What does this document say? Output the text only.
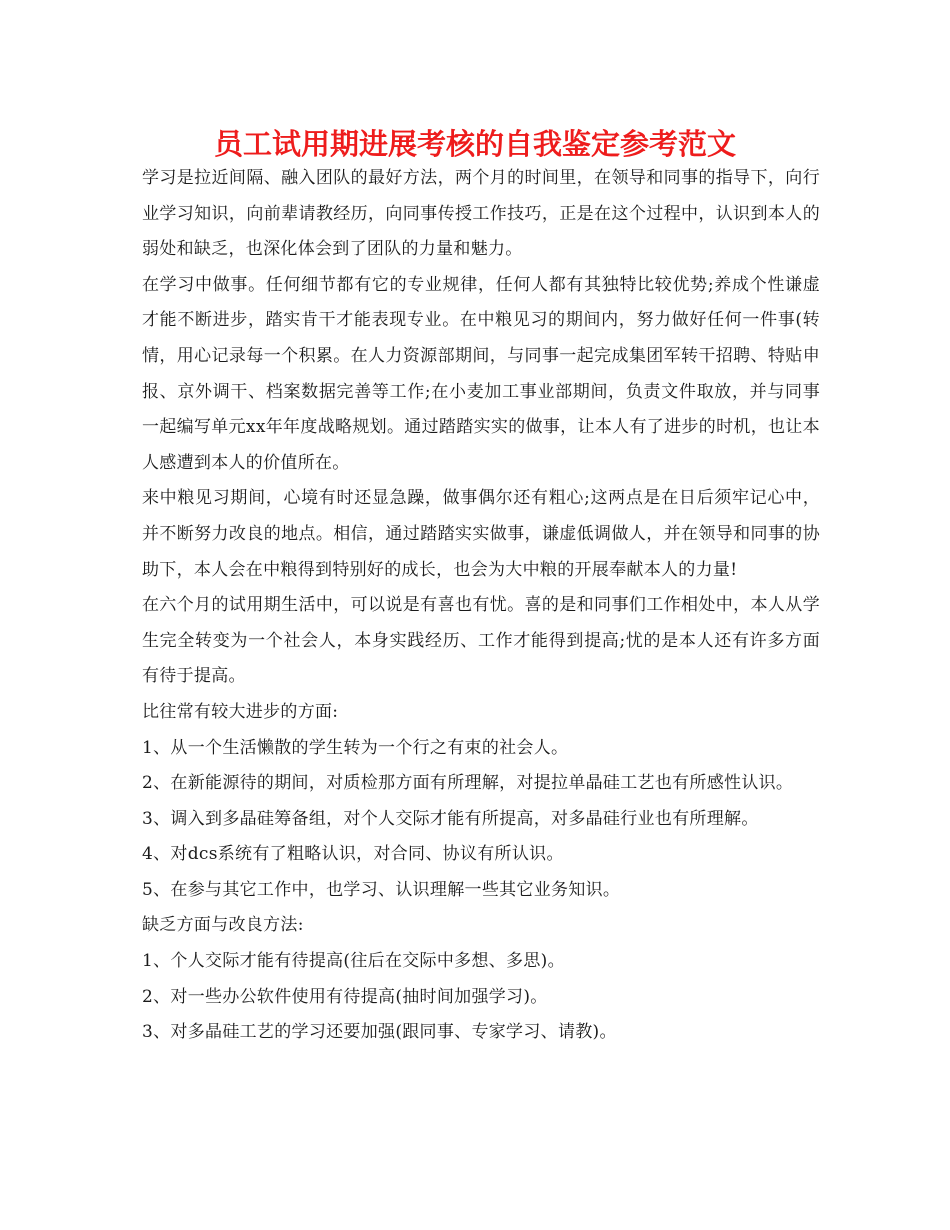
员工试用期进展考核的自我鉴定参考范文

学习是拉近间隔、融入团队的最好方法，两个月的时间里，在领导和同事的指导下，向行业学习知识，向前辈请教经历，向同事传授工作技巧，正是在这个过程中，认识到本人的弱处和缺乏，也深化体会到了团队的力量和魅力。

在学习中做事。任何细节都有它的专业规律，任何人都有其独特比较优势;养成个性谦虚才能不断进步，踏实肯干才能表现专业。在中粮见习的期间内，努力做好任何一件事(转情，用心记录每一个积累。在人力资源部期间，与同事一起完成集团军转干招聘、特贴申报、京外调干、档案数据完善等工作;在小麦加工事业部期间，负责文件取放，并与同事一起编写单元xx年年度战略规划。通过踏踏实实的做事，让本人有了进步的时机，也让本人感遭到本人的价值所在。

来中粮见习期间，心境有时还显急躁，做事偶尔还有粗心;这两点是在日后须牢记心中，并不断努力改良的地点。相信，通过踏踏实实做事，谦虚低调做人，并在领导和同事的协助下，本人会在中粮得到特别好的成长，也会为大中粮的开展奉献本人的力量!

在六个月的试用期生活中，可以说是有喜也有忧。喜的是和同事们工作相处中，本人从学生完全转变为一个社会人，本身实践经历、工作才能得到提高;忧的是本人还有许多方面有待于提高。

比往常有较大进步的方面:

1、从一个生活懒散的学生转为一个行之有束的社会人。

2、在新能源待的期间，对质检那方面有所理解，对提拉单晶硅工艺也有所感性认识。

3、调入到多晶硅筹备组，对个人交际才能有所提高，对多晶硅行业也有所理解。

4、对dcs系统有了粗略认识，对合同、协议有所认识。

5、在参与其它工作中，也学习、认识理解一些其它业务知识。

缺乏方面与改良方法:

1、个人交际才能有待提高(往后在交际中多想、多思)。

2、对一些办公软件使用有待提高(抽时间加强学习)。

3、对多晶硅工艺的学习还要加强(跟同事、专家学习、请教)。
